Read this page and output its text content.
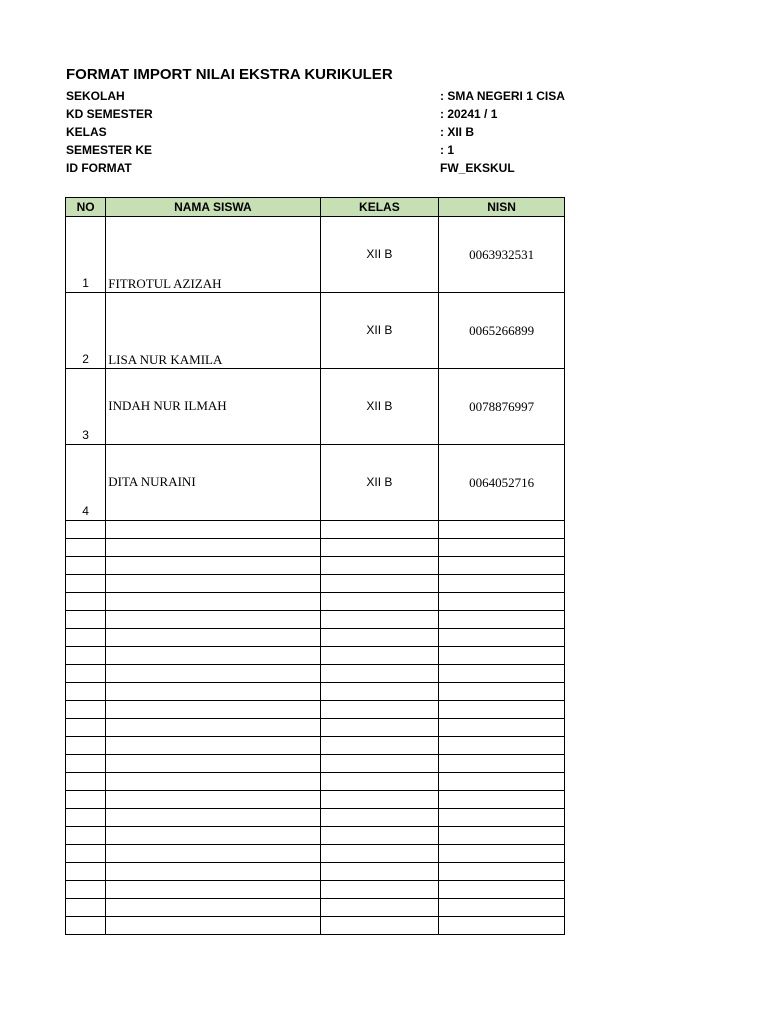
FORMAT IMPORT NILAI EKSTRA KURIKULER
SEKOLAH	: SMA NEGERI 1 CISA
KD SEMESTER	: 20241 / 1
KELAS	: XII B
SEMESTER KE	: 1
ID FORMAT	FW_EKSKUL
NO	NAMA SISWA	KELAS	NISN

1	FITROTUL AZIZAH	XII B	0063932531

2	LISA NUR KAMILA	XII B	0065266899

3	INDAH NUR ILMAH	XII B	0078876997

4	DITA NURAINI	XII B	0064052716
